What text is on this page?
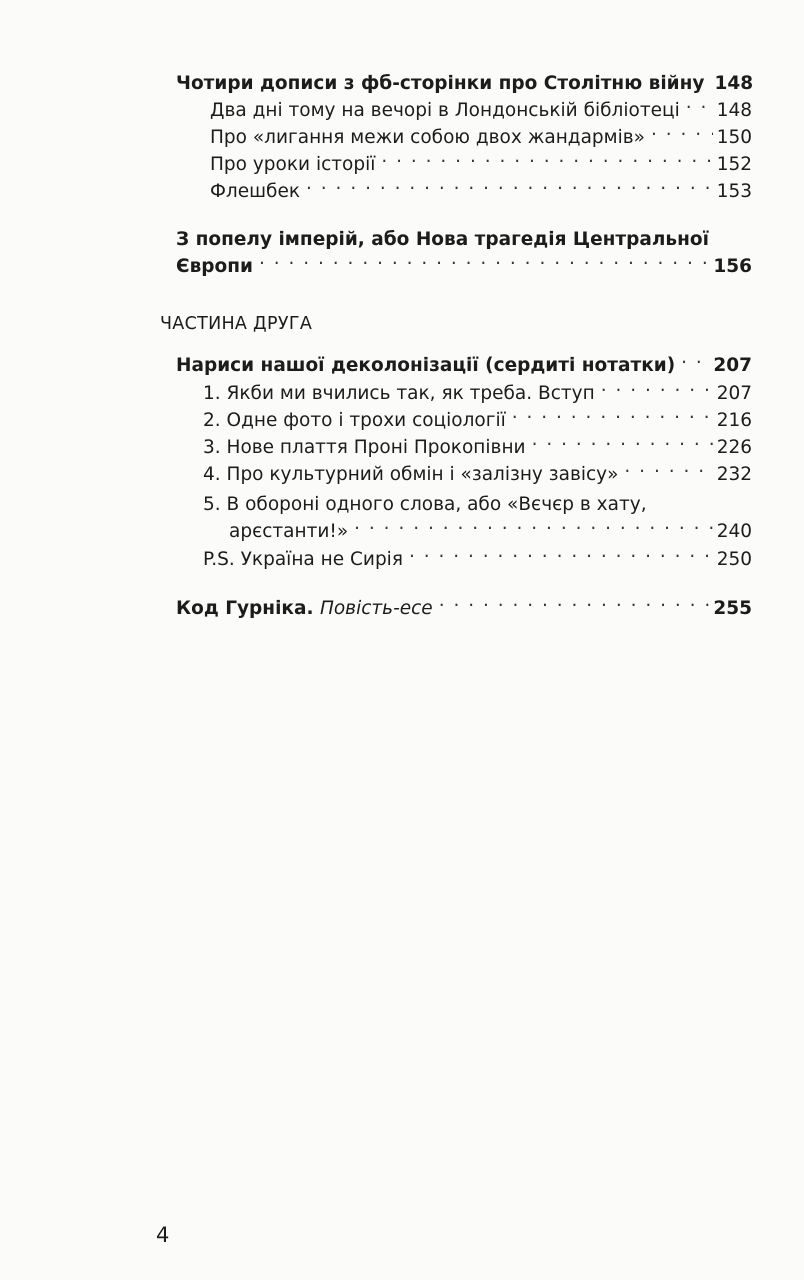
Чотири дописи з фб-сторінки про Столітню війну 148
Два дні тому на вечорі в Лондонській бібліотеці . . . 148
Про «лигання межи собою двох жандармів» . . .	150
Про уроки історії . . .	152
Флешбек . . .	153
З попелу імперій, або Нова трагедія Центральної
Європи . . .	156
ЧАСТИНА ДРУГА
Нариси нашої деколонізації (сердиті нотатки) . . . 207
1. Якби ми вчились так, як треба. Вступ . . .	207
2. Одне фото і трохи соціології . . .	216
3. Нове плаття Проні Прокопівни . . .	226
4. Про культурний обмін і «залізну завісу» . . .	232
5. В обороні одного слова, або «Вєчєр в хату,
арєстанти!» . . .	240
P.S. Україна не Сирія . . .	250
Код Гурніка. Повість-есе . . .	255
4
